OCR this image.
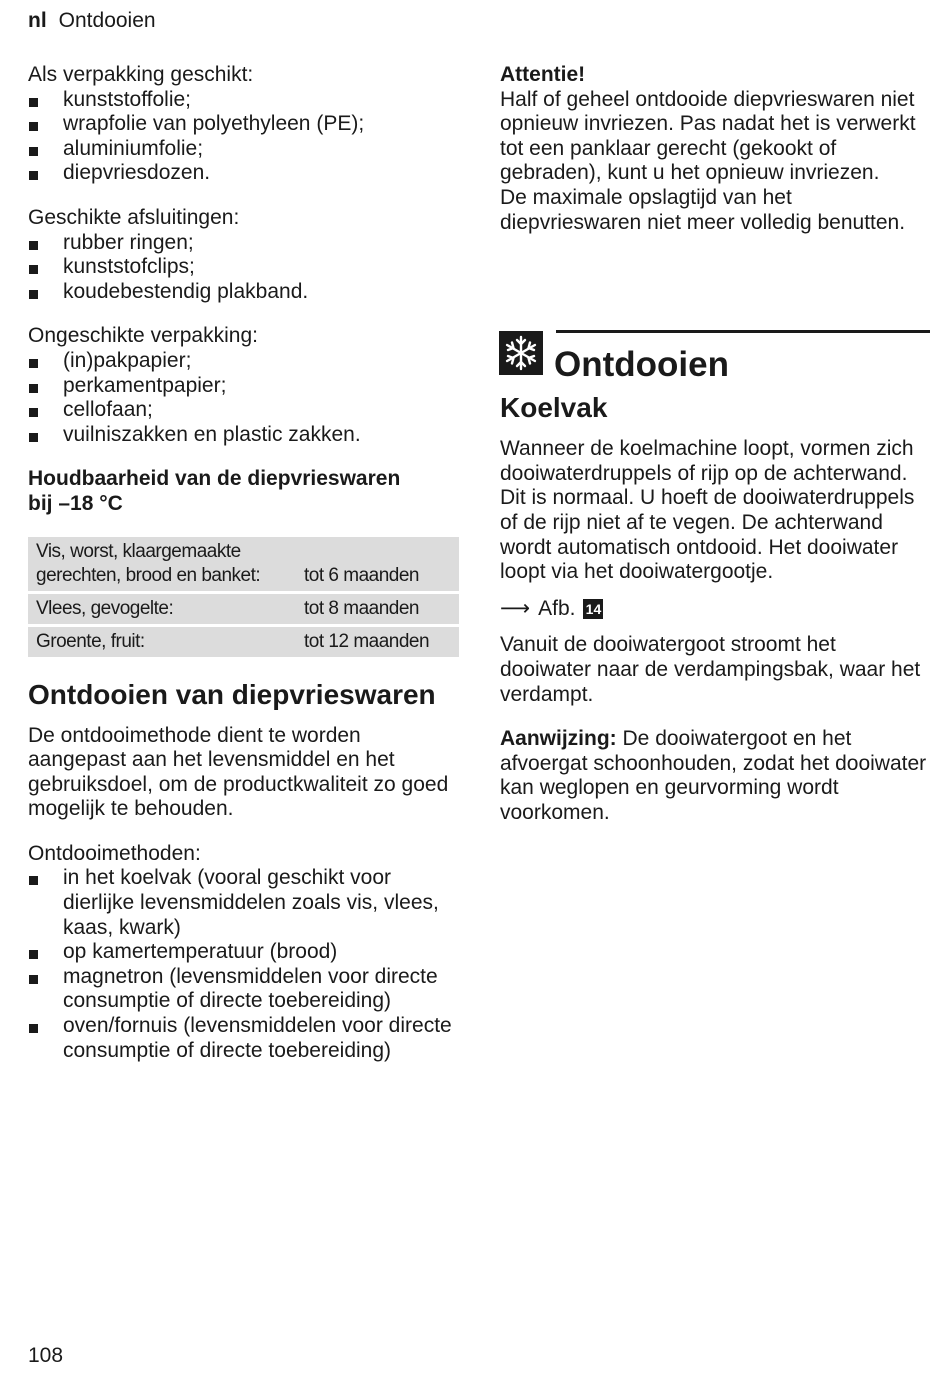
nl Ontdooien

Als verpakking geschikt:

kunststoffolie;
wrapfolie van polyethyleen (PE);
aluminiumfolie;
diepvriesdozen.

Geschikte afsluitingen:

rubber ringen;
kunststofclips;
koudebestendig plakband.

Ongeschikte verpakking:

(in)pakpapier;
perkamentpapier;
cellofaan;
vuilniszakken en plastic zakken.
Houdbaarheid van de diepvrieswaren
bij –18 °C
Vis, worst, klaargemaakte
gerechten, brood en banket:	tot 6 maanden
Vlees, gevogelte:	tot 8 maanden
Groente, fruit:	tot 12 maanden
Ontdooien van diepvrieswaren

De ontdooimethode dient te worden aangepast aan het levensmiddel en het gebruiksdoel, om de productkwaliteit zo goed mogelijk te behouden.

Ontdooimethoden:

in het koelvak (vooral geschikt voor dierlijke levensmiddelen zoals vis, vlees, kaas, kwark)
op kamertemperatuur (brood)
magnetron (levensmiddelen voor directe consumptie of directe toebereiding)
oven/fornuis (levensmiddelen voor directe consumptie of directe toebereiding)
Attentie!

Half of geheel ontdooide diepvrieswaren niet opnieuw invriezen. Pas nadat het is verwerkt tot een panklaar gerecht (gekookt of gebraden), kunt u het opnieuw invriezen.

De maximale opslagtijd van het diepvrieswaren niet meer volledig benutten.

Ontdooien
Koelvak

Wanneer de koelmachine loopt, vormen zich dooiwaterdruppels of rijp op de achterwand. Dit is normaal. U hoeft de dooiwaterdruppels of de rijp niet af te vegen. De achterwand wordt automatisch ontdooid. Het dooiwater loopt via het dooiwatergootje.

⟶ Afb. 14

Vanuit de dooiwatergoot stroomt het dooiwater naar de verdampingsbak, waar het verdampt.

Aanwijzing: De dooiwatergoot en het afvoergat schoonhouden, zodat het dooiwater kan weglopen en geurvorming wordt voorkomen.

108
